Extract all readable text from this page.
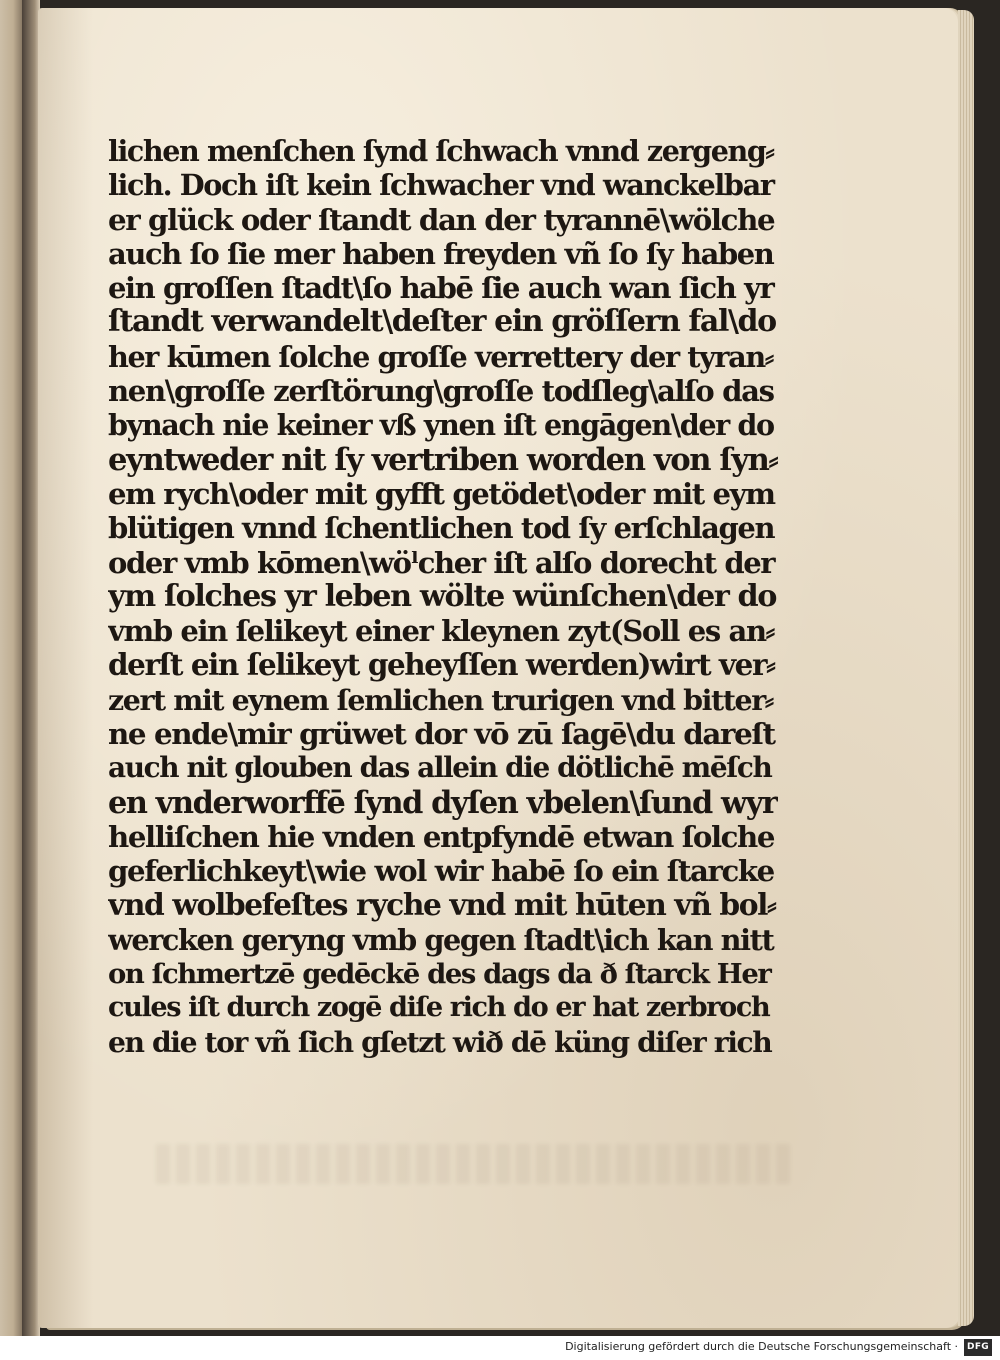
lichen menſchen ſynd ſchwach vnnd zergeng⸗
lich. Doch iſt kein ſchwacher vnd wanckelbar
er glück oder ſtandt dan der tyrannē\wölche
auch ſo ſie mer haben freyden vñ ſo ſy haben
ein groſſen ſtadt\ſo habē ſie auch wan ſich yr
ſtandt verwandelt\deſter ein gröſſern fal\do
her kūmen ſolche groſſe verrettery der tyran⸗
nen\groſſe zerſtörung\groſſe todſleg\alſo das
bynach nie keiner vß ynen iſt engāgen\der do
eyntweder nit ſy vertriben worden von ſyn⸗
em rych\oder mit gyfft getödet\oder mit eym
blütigen vnnd ſchentlichen tod ſy erſchlagen
oder vmb kōmen\wöˡcher iſt alſo dorecht der
ym ſolches yr leben wölte wünſchen\der do
vmb ein ſelikeyt einer kleynen zyt(Soll es an⸗
derſt ein ſelikeyt geheyſſen werden)wirt ver⸗
zert mit eynem ſemlichen trurigen vnd bitter⸗
ne ende\mir grüwet dor vō zū ſagē\du dareſt
auch nit glouben das allein die dötlichē mēſch
en vnderworffē ſynd dyſen vbelen\ſund wyr
helliſchen hie vnden entpfyndē etwan ſolche
geferlichkeyt\wie wol wir habē ſo ein ſtarcke
vnd wolbefeſtes ryche vnd mit hūten vñ bol⸗
wercken geryng vmb gegen ſtadt\ich kan nitt
on ſchmertzē gedēckē des dags da ð ſtarck Her
cules iſt durch zogē diſe rich do er hat zerbroch
en die tor vñ ſich gſetzt wið dē küng diſer rich
Digitalisierung gefördert durch die Deutsche Forschungsgemeinschaft ·	DFG
